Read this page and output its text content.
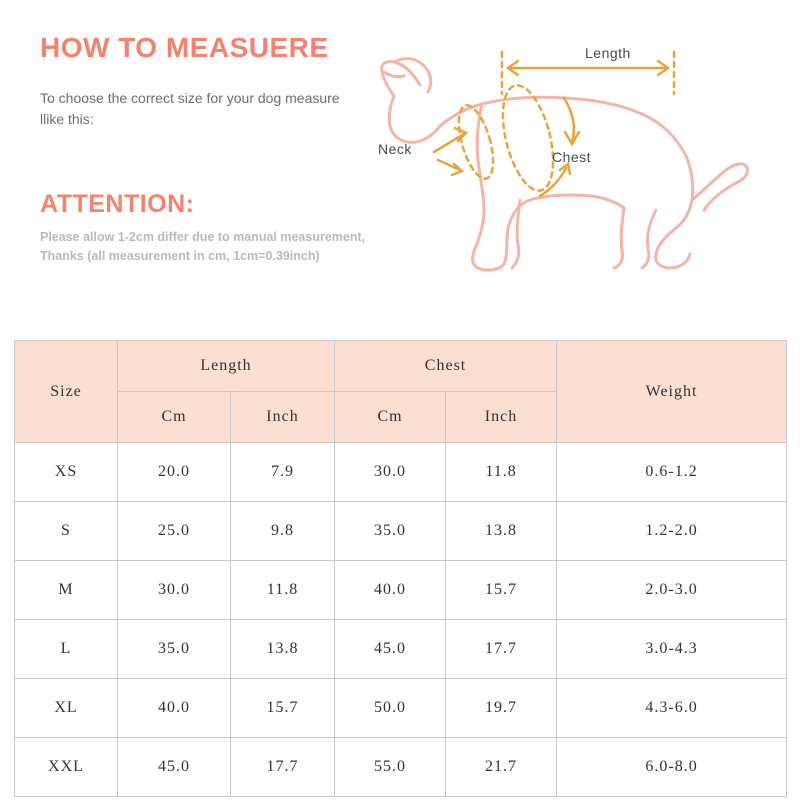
HOW TO MEASUERE
To choose the correct size for your dog measure llike this:
ATTENTION:
Please allow 1-2cm differ due to manual measurement, Thanks (all measurement in cm, 1cm=0.39inch)
Length
Neck	Chest
Size	Length		Chest		Weight

	Cm	Inch	Cm	Inch	
XS	20.0	7.9	30.0	11.8	0.6-1.2
S	25.0	9.8	35.0	13.8	1.2-2.0
M	30.0	11.8	40.0	15.7	2.0-3.0
L	35.0	13.8	45.0	17.7	3.0-4.3
XL	40.0	15.7	50.0	19.7	4.3-6.0
XXL	45.0	17.7	55.0	21.7	6.0-8.0
